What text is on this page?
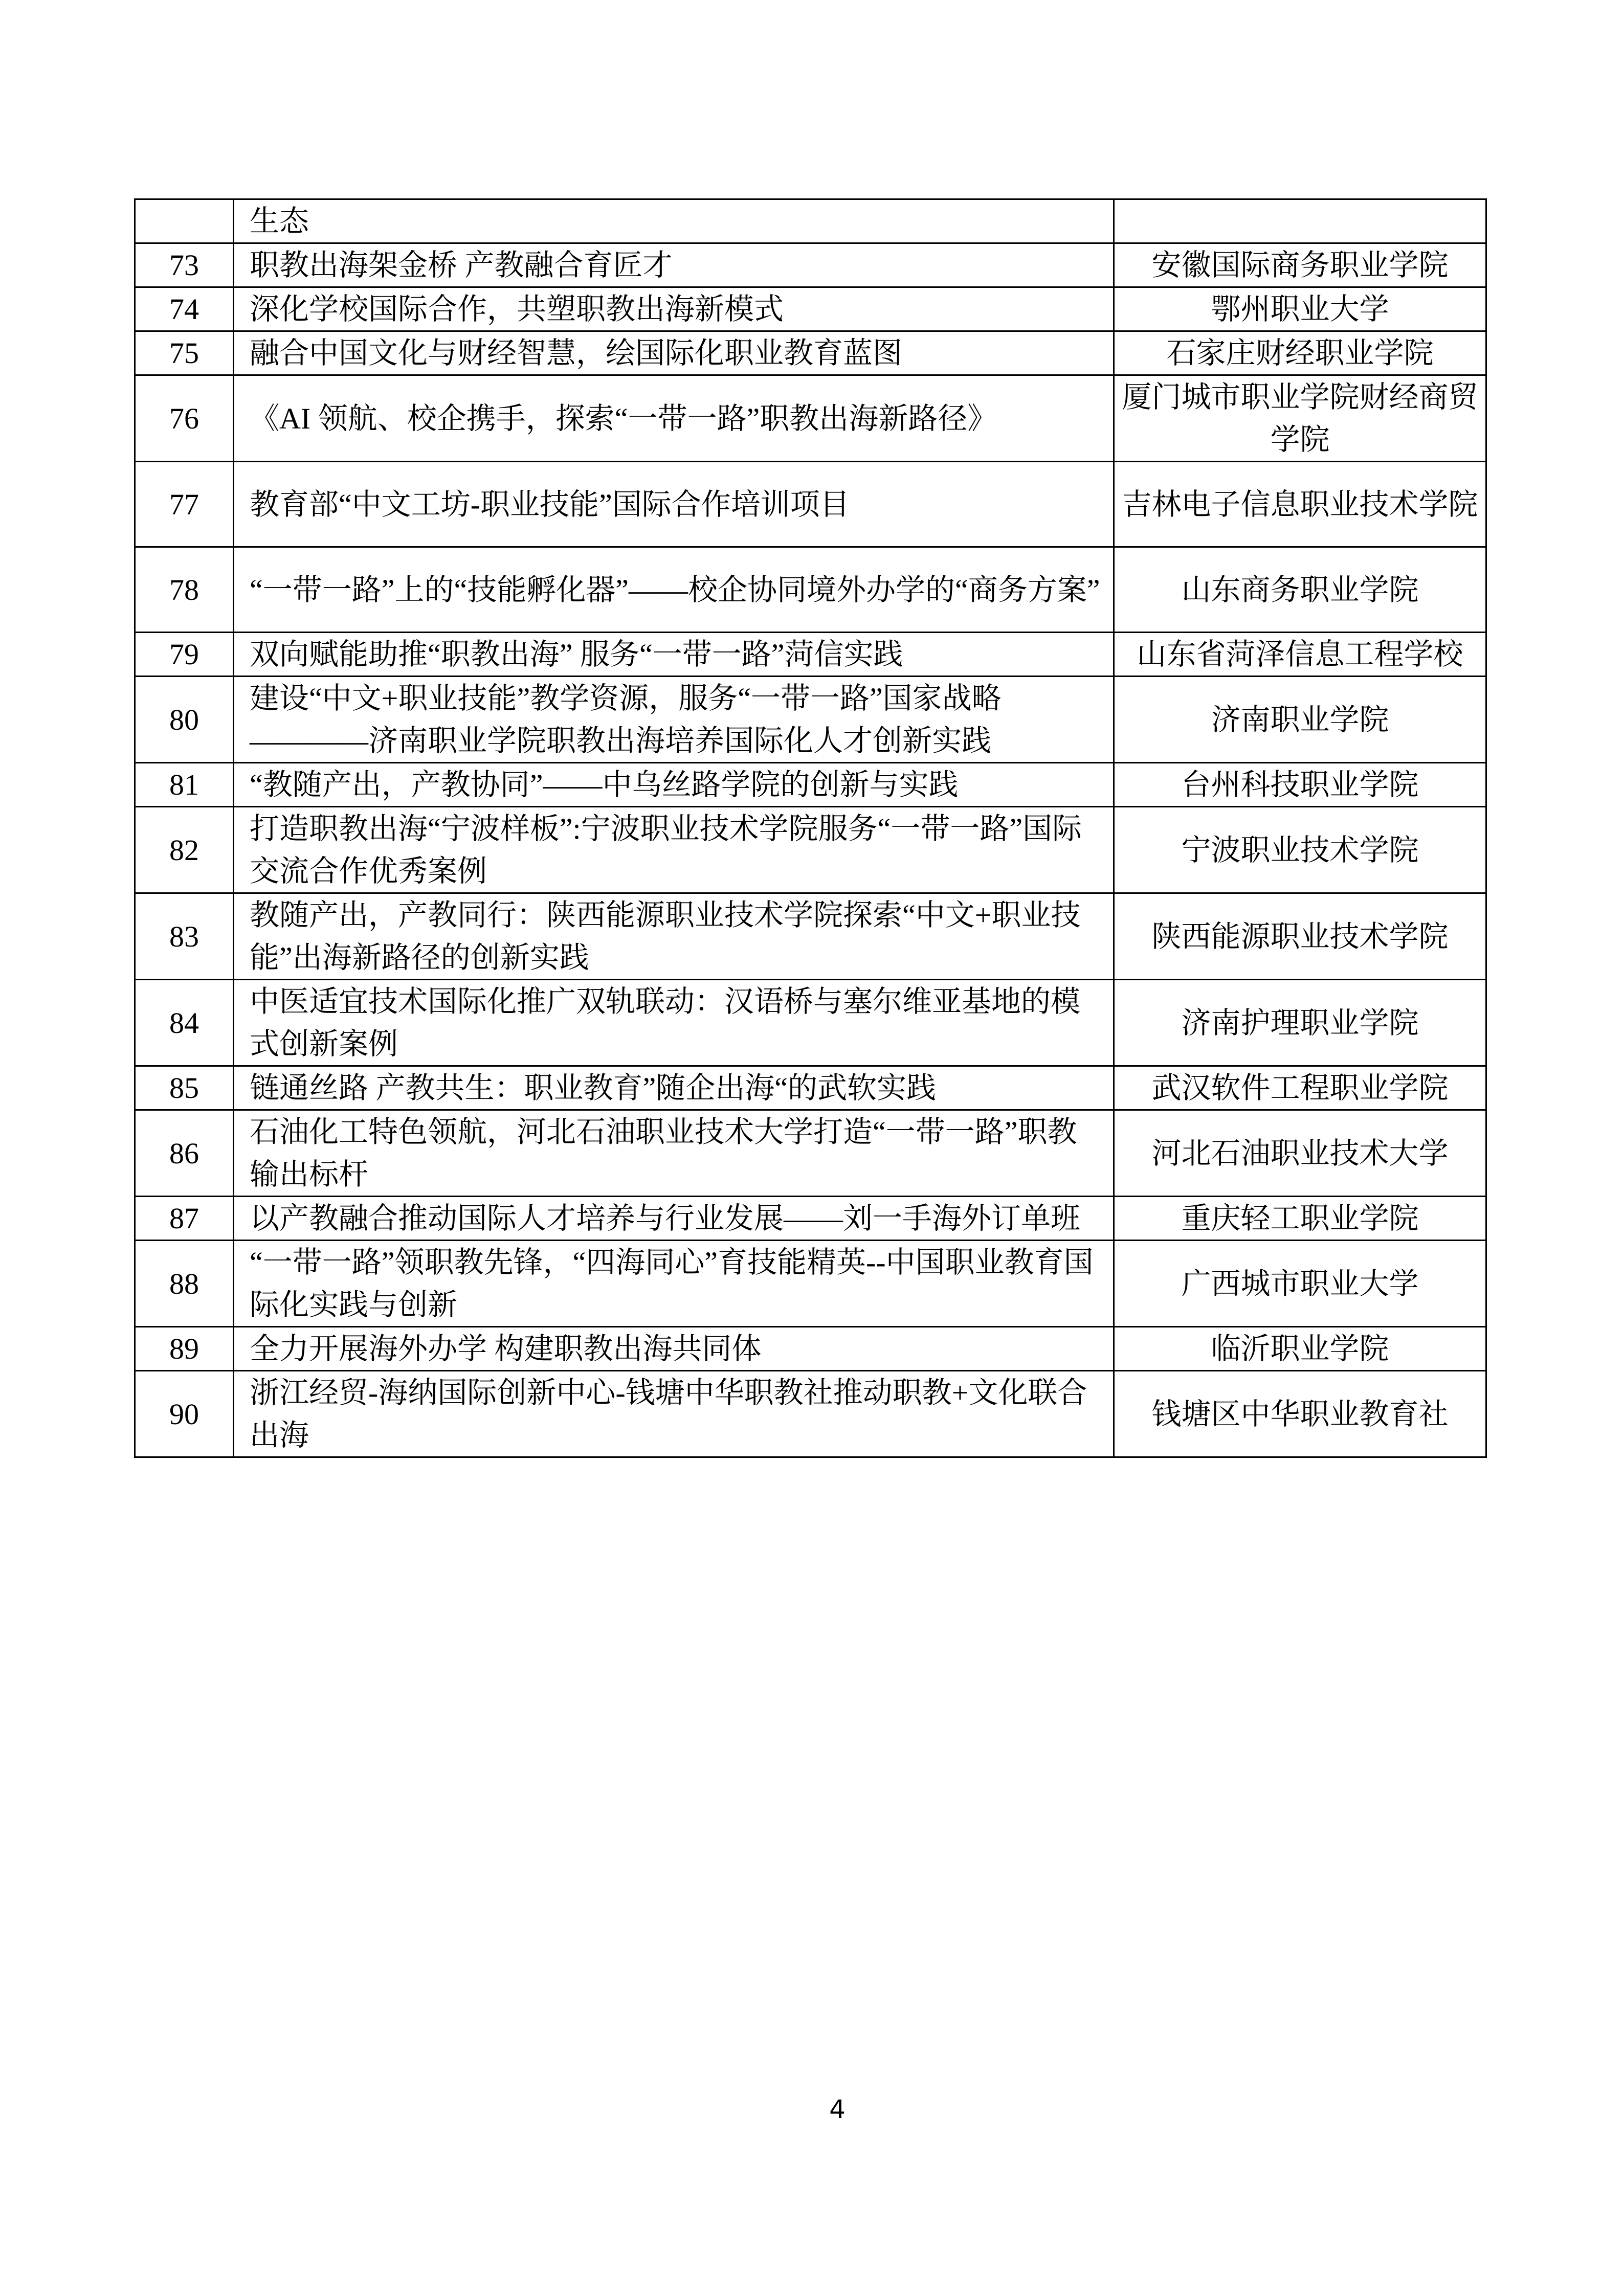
	生态	
73	职教出海架金桥 产教融合育匠才	安徽国际商务职业学院
74	深化学校国际合作，共塑职教出海新模式	鄂州职业大学
75	融合中国文化与财经智慧，绘国际化职业教育蓝图	石家庄财经职业学院
76	《AI 领航、校企携手，探索“一带一路”职教出海新路径》	厦门城市职业学院财经商贸学院
77	教育部“中文工坊-职业技能”国际合作培训项目	吉林电子信息职业技术学院
78	“一带一路”上的“技能孵化器”——校企协同境外办学的“商务方案”	山东商务职业学院
79	双向赋能助推“职教出海” 服务“一带一路”菏信实践	山东省菏泽信息工程学校
80	建设“中文+职业技能”教学资源，服务“一带一路”国家战略————济南职业学院职教出海培养国际化人才创新实践	济南职业学院
81	“教随产出，产教协同”——中乌丝路学院的创新与实践	台州科技职业学院
82	打造职教出海“宁波样板”:宁波职业技术学院服务“一带一路”国际交流合作优秀案例	宁波职业技术学院
83	教随产出，产教同行：陕西能源职业技术学院探索“中文+职业技能”出海新路径的创新实践	陕西能源职业技术学院
84	中医适宜技术国际化推广双轨联动：汉语桥与塞尔维亚基地的模式创新案例	济南护理职业学院
85	链通丝路 产教共生：职业教育”随企出海“的武软实践	武汉软件工程职业学院
86	石油化工特色领航，河北石油职业技术大学打造“一带一路”职教输出标杆	河北石油职业技术大学
87	以产教融合推动国际人才培养与行业发展——刘一手海外订单班	重庆轻工职业学院
88	“一带一路”领职教先锋，“四海同心”育技能精英--中国职业教育国际化实践与创新	广西城市职业大学
89	全力开展海外办学 构建职教出海共同体	临沂职业学院
90	浙江经贸-海纳国际创新中心-钱塘中华职教社推动职教+文化联合出海	钱塘区中华职业教育社
4
